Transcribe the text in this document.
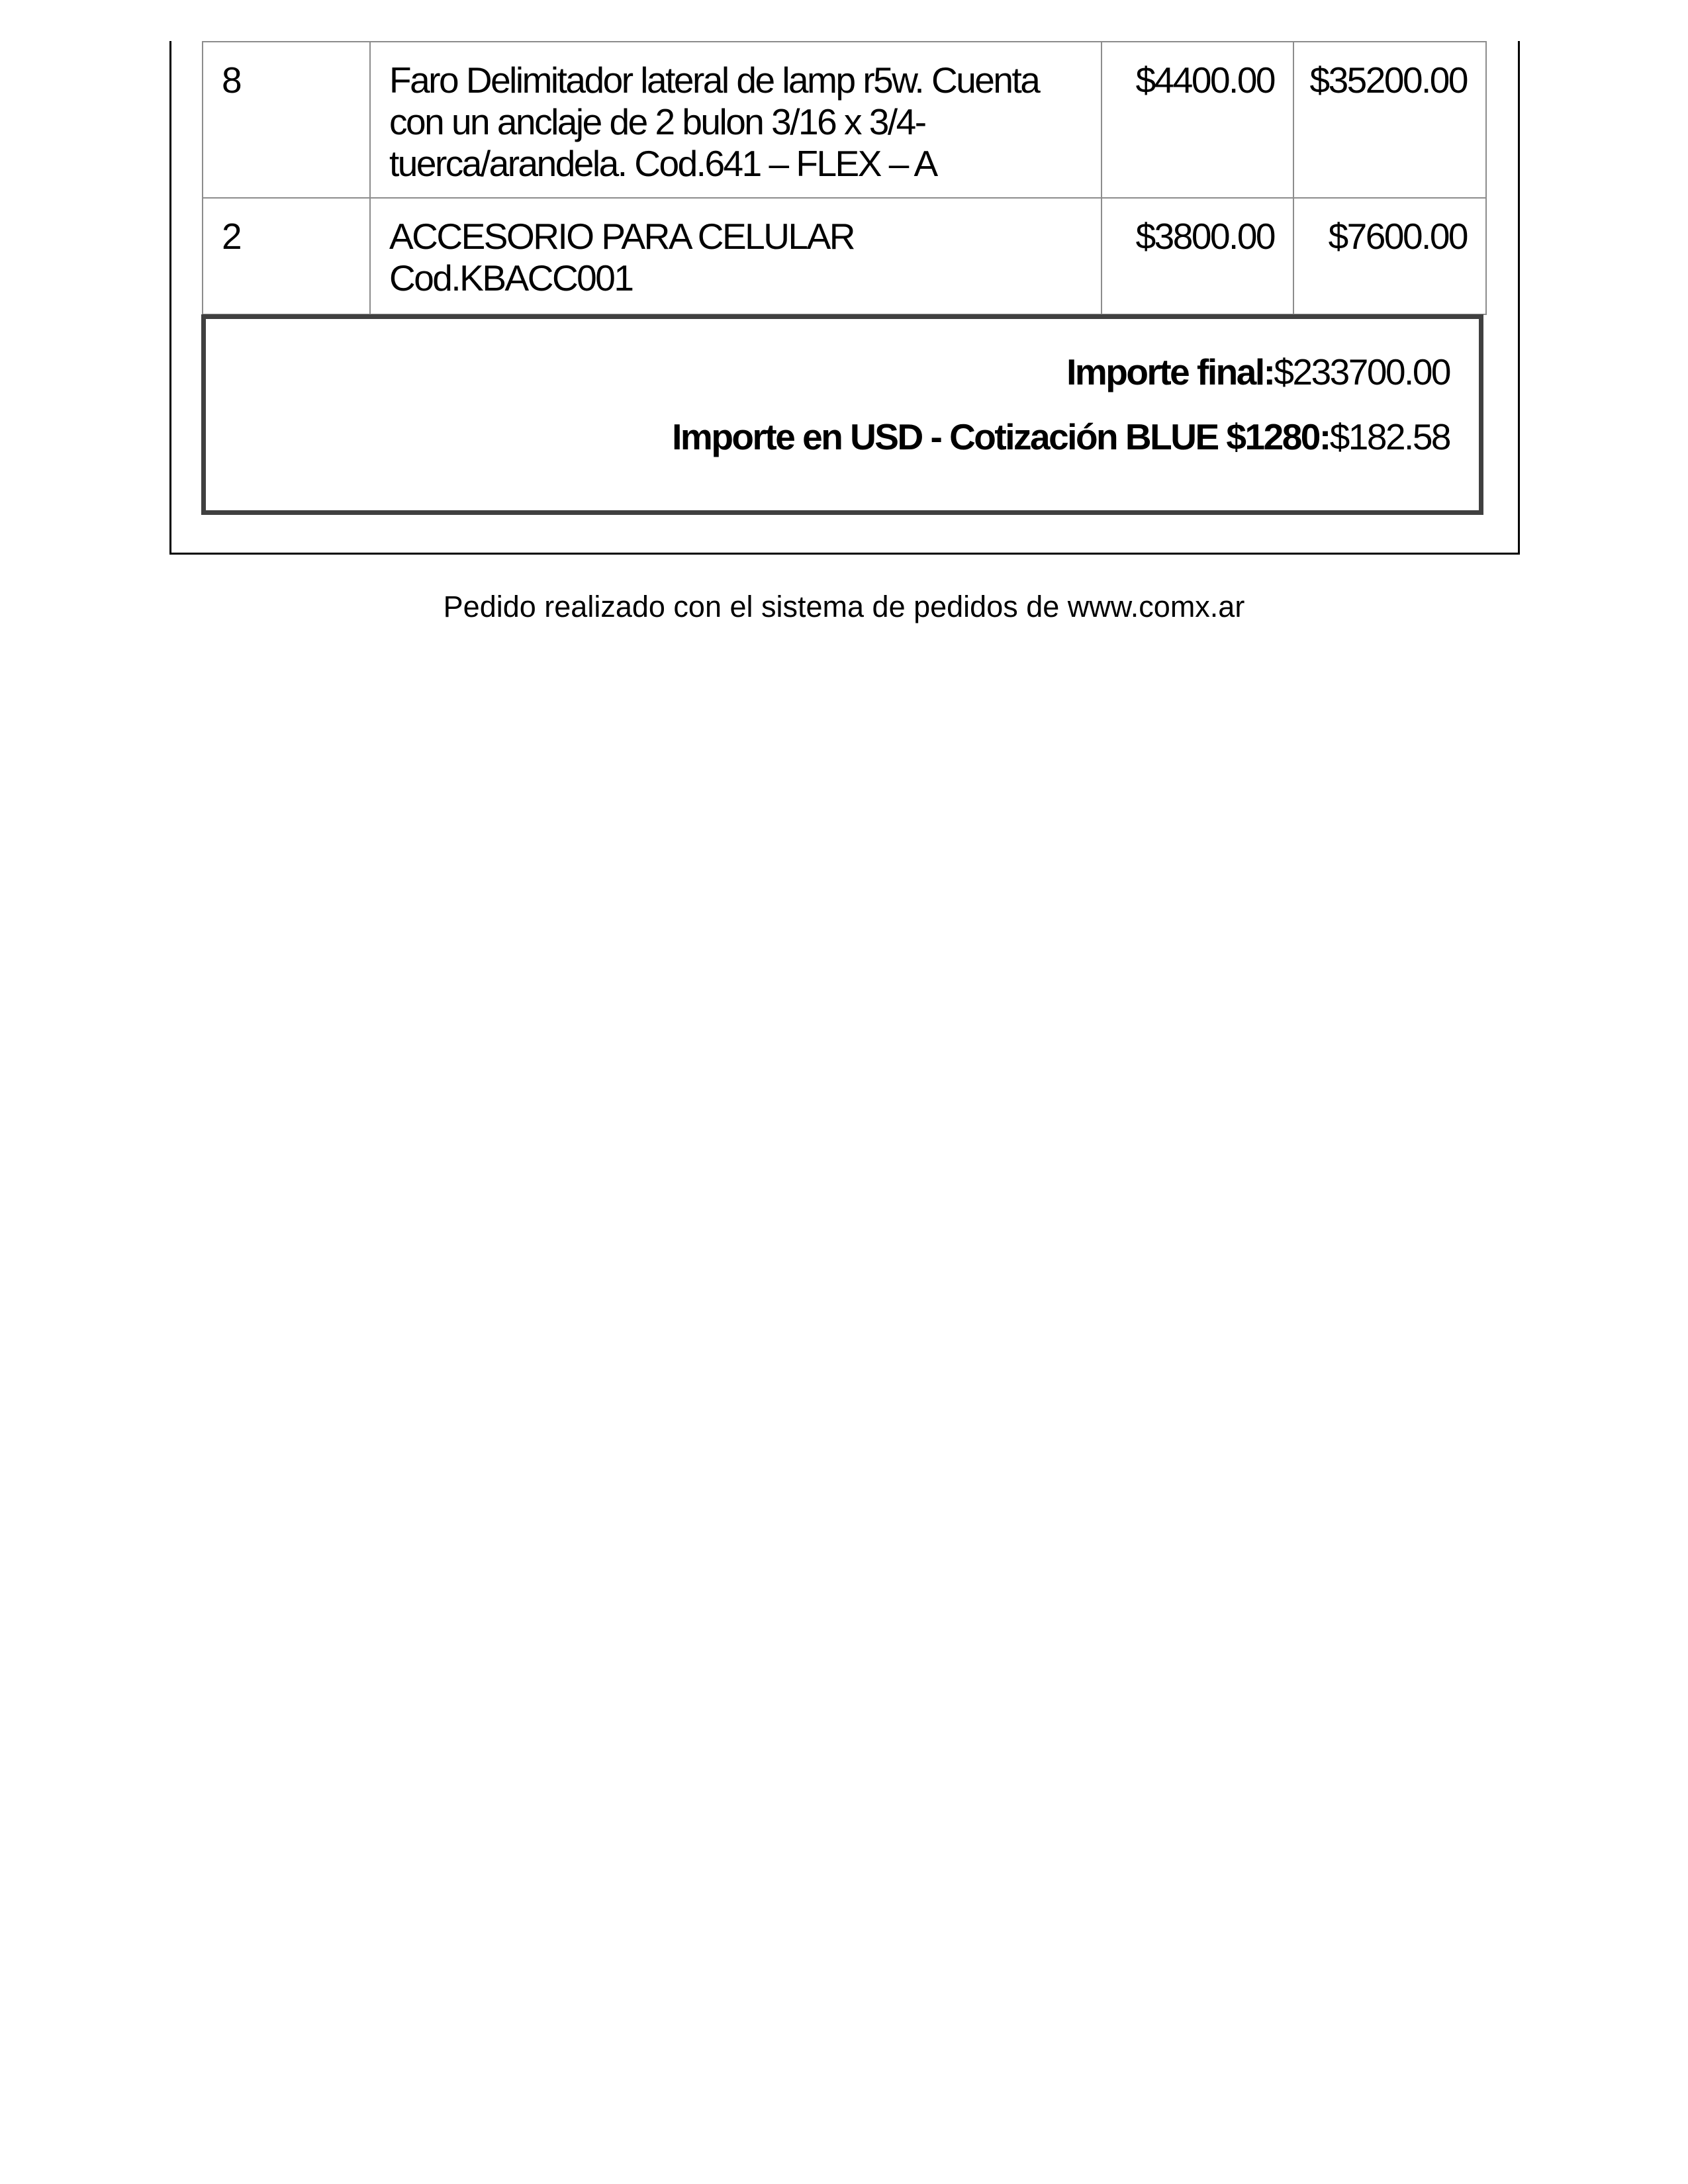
8	Faro Delimitador lateral de lamp r5w. Cuenta
con un anclaje de 2 bulon 3/16 x 3/4-
tuerca/arandela. Cod.641 – FLEX – A	$4400.00	$35200.00
2	ACCESORIO PARA CELULAR
Cod.KBACC001	$3800.00	$7600.00

Importe final:$233700.00

Importe en USD - Cotización BLUE $1280:$182.58

Pedido realizado con el sistema de pedidos de www.comx.ar
